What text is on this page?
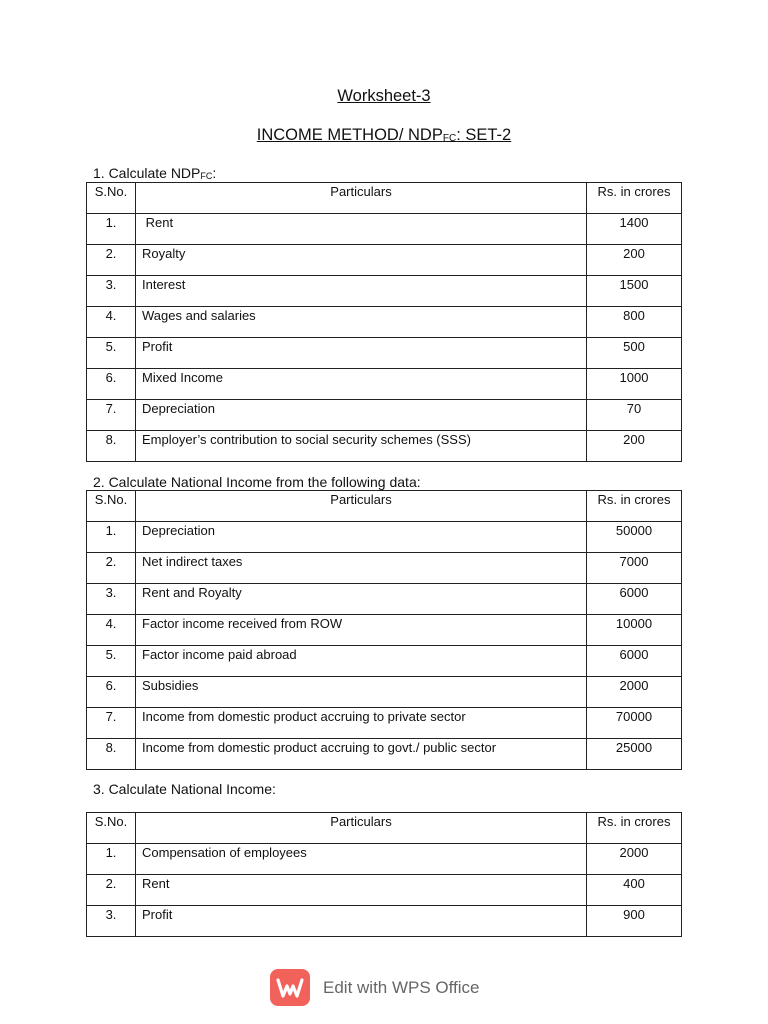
Worksheet-3
INCOME METHOD/ $NDP_{FC}$: SET-2

1. Calculate $NDP_{FC}$:

S.No.	Particulars	Rs. in crores
1.	Rent	1400
2.	Royalty	200
3.	Interest	1500
4.	Wages and salaries	800
5.	Profit	500
6.	Mixed Income	1000
7.	Depreciation	70
8.	Employer’s contribution to social security schemes (SSS)	200

2. Calculate National Income from the following data:

S.No.	Particulars	Rs. in crores
1.	Depreciation	50000
2.	Net indirect taxes	7000
3.	Rent and Royalty	6000
4.	Factor income received from ROW	10000
5.	Factor income paid abroad	6000
6.	Subsidies	2000
7.	Income from domestic product accruing to private sector	70000
8.	Income from domestic product accruing to govt./ public sector	25000

3. Calculate National Income:

S.No.	Particulars	Rs. in crores
1.	Compensation of employees	2000
2.	Rent	400
3.	Profit	900
Edit with WPS Office
